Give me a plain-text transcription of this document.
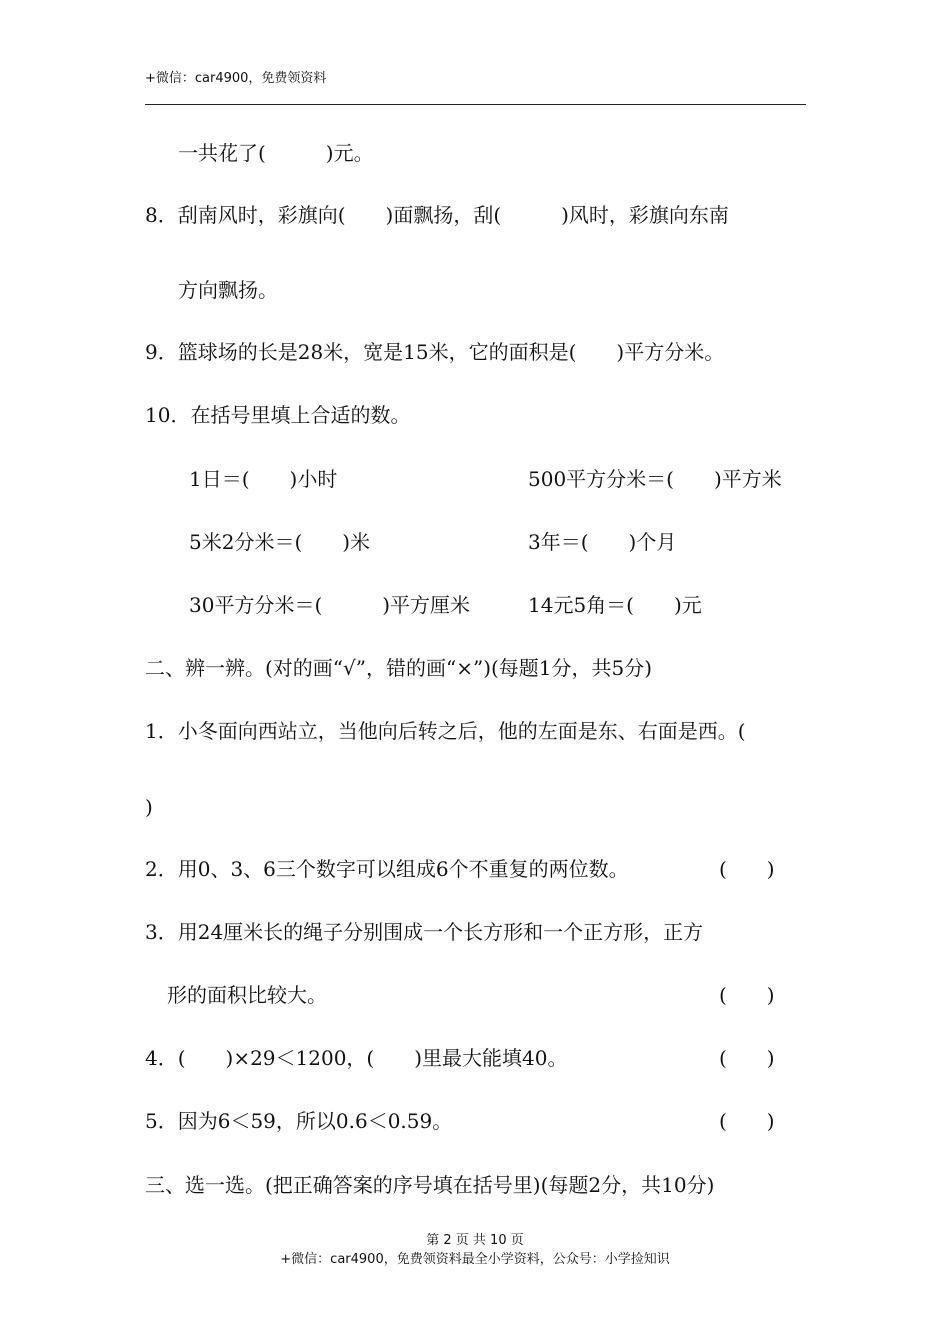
+微信：car4900，免费领资料
一共花了(　　　)元。
8．刮南风时，彩旗向(　　)面飘扬，刮(　　　)风时，彩旗向东南
方向飘扬。
9．篮球场的长是28米，宽是15米，它的面积是(　　)平方分米。
10．在括号里填上合适的数。
1日＝(　　)小时	500平方分米＝(　　)平方米
5米2分米＝(　　)米	3年＝(　　)个月
30平方分米＝(　　　)平方厘米	14元5角＝(　　)元
二、辨一辨。(对的画“√”，错的画“×”)(每题1分，共5分)
1．小冬面向西站立，当他向后转之后，他的左面是东、右面是西。(
)
2．用0、3、6三个数字可以组成6个不重复的两位数。	(　　)
3．用24厘米长的绳子分别围成一个长方形和一个正方形，正方
形的面积比较大。	(　　)
4．(　　)×29＜1200，(　　)里最大能填40。	(　　)
5．因为6＜59，所以0.6＜0.59。	(　　)
三、选一选。(把正确答案的序号填在括号里)(每题2分，共10分)
第 2 页 共 10 页
+微信：car4900，免费领资料最全小学资料，公众号：小学捡知识
